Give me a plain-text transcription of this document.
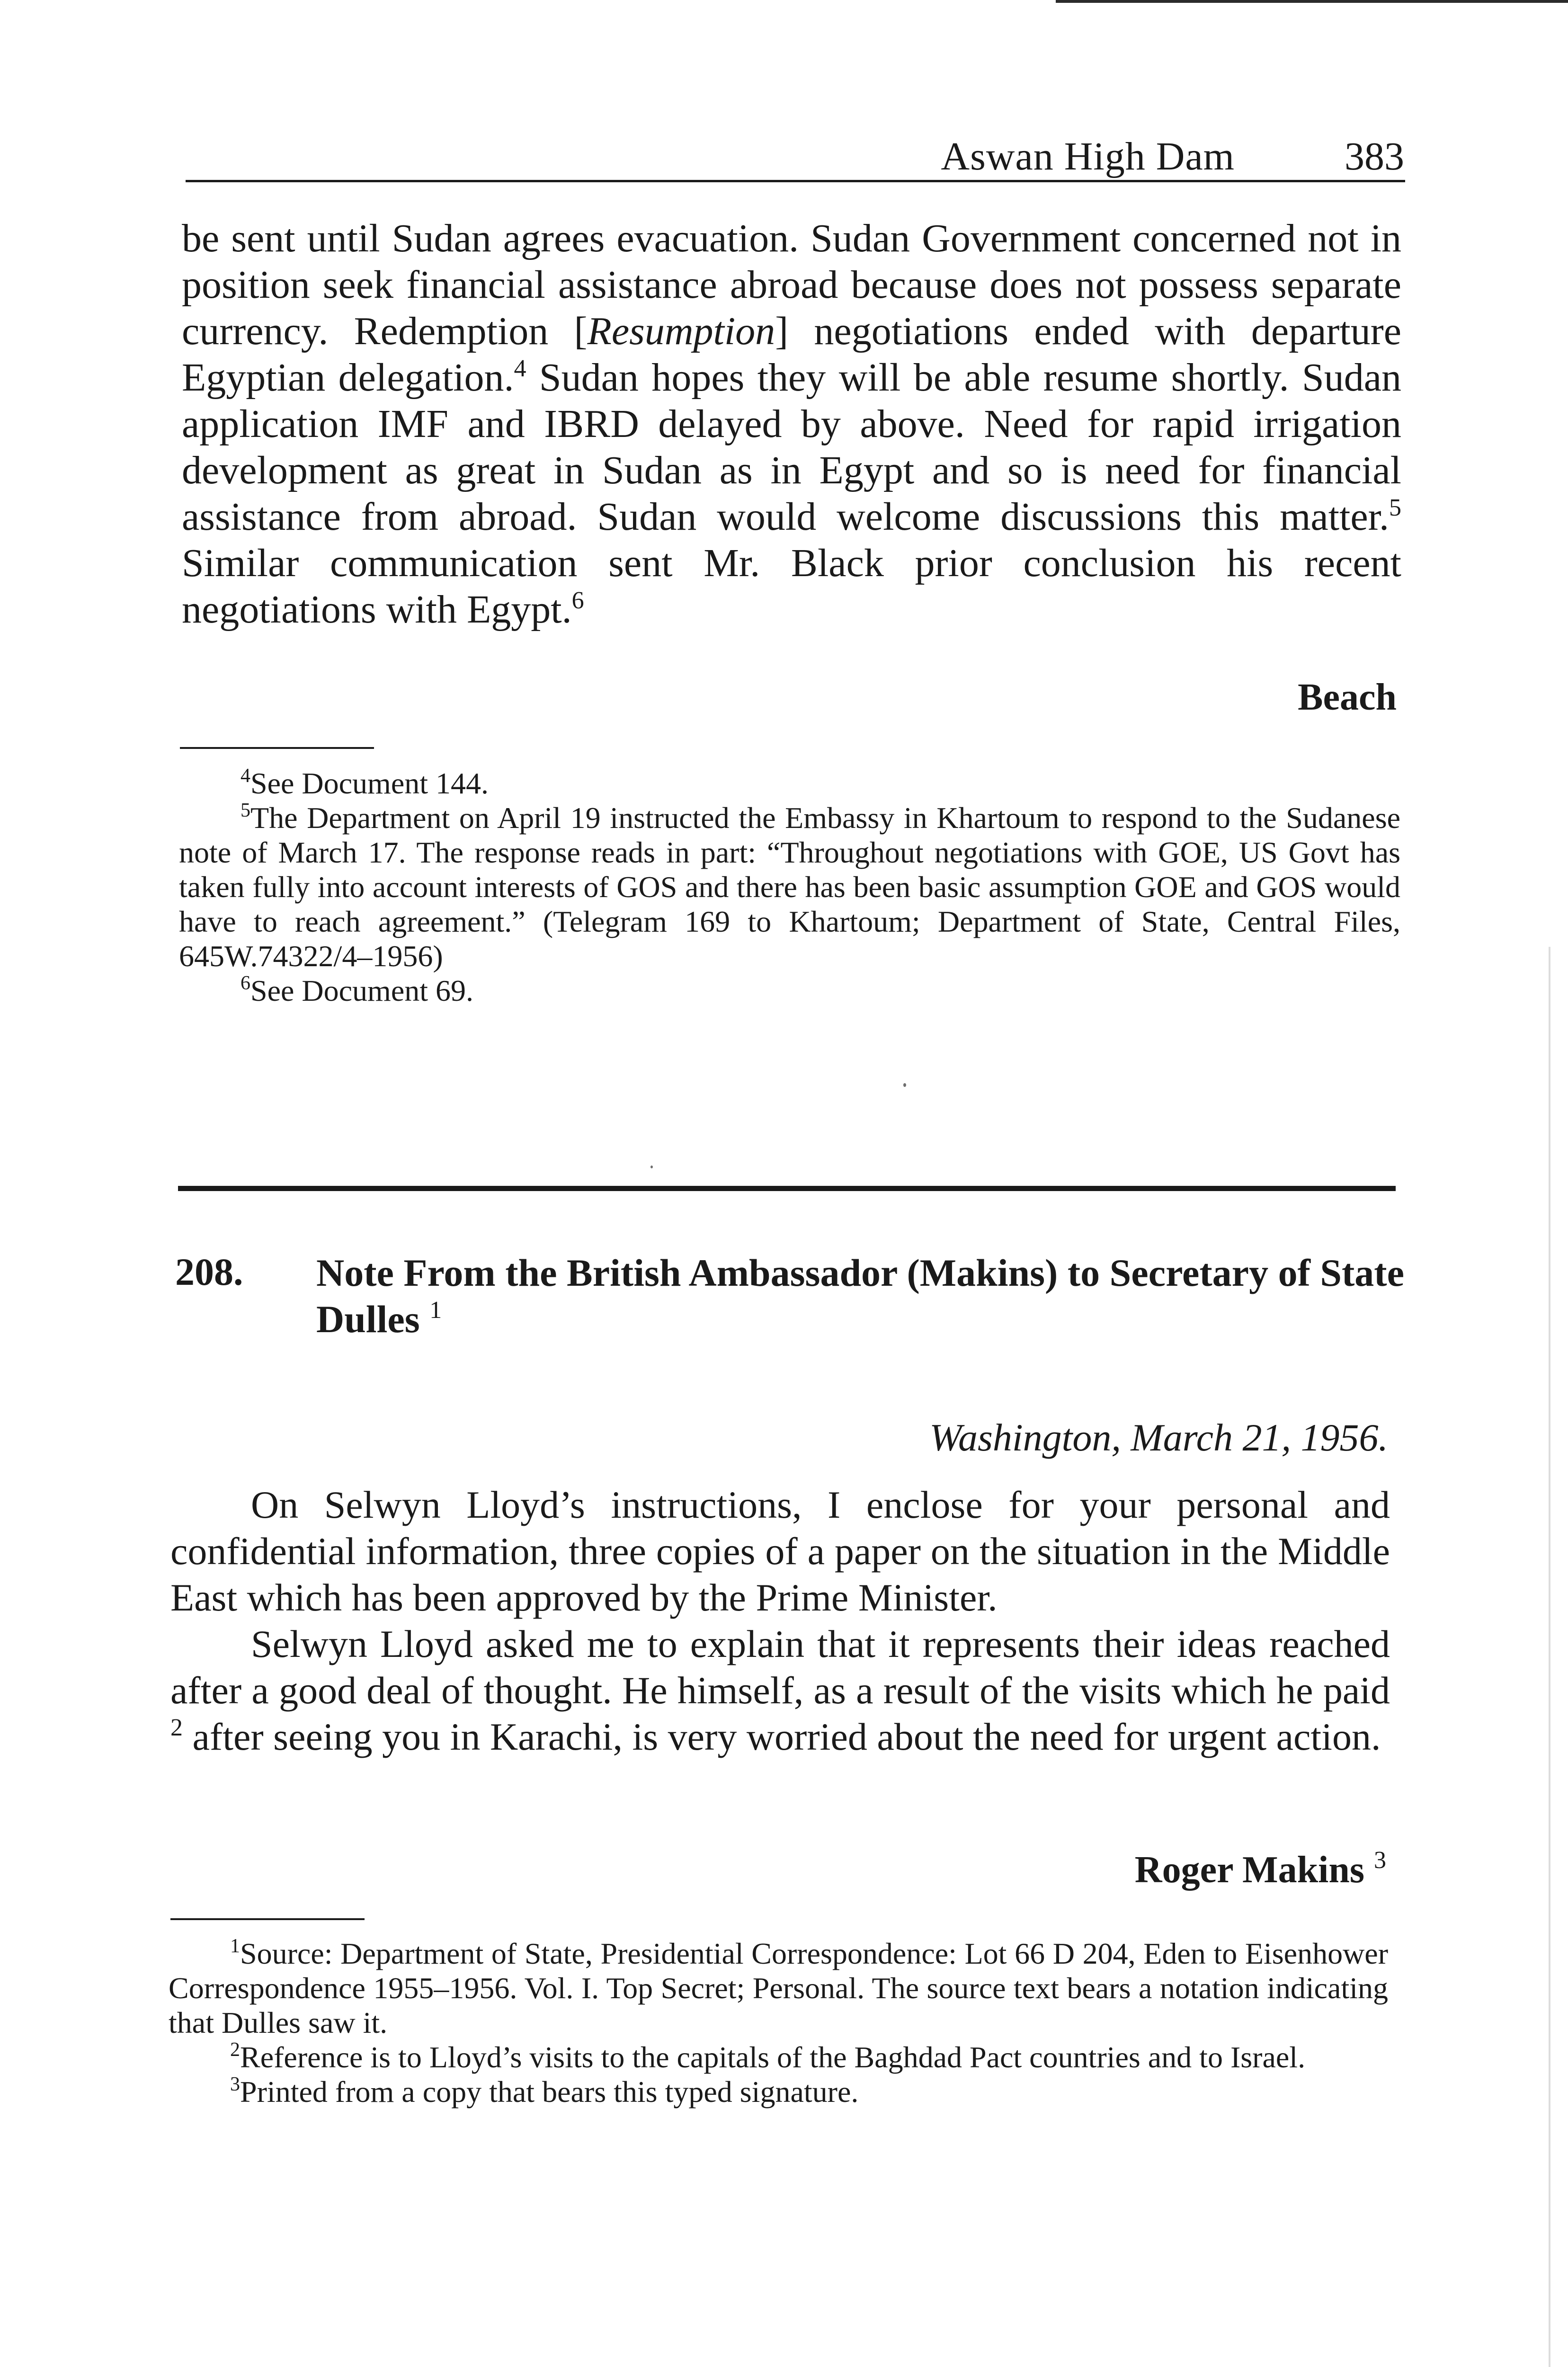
Aswan High Dam	383

be sent until Sudan agrees evacuation. Sudan Government concerned not in position seek financial assistance abroad because does not possess separate currency. Redemption [Resumption] negotiations ended with departure Egyptian delegation.$^4$ Sudan hopes they will be able resume shortly. Sudan application IMF and IBRD delayed by above. Need for rapid irrigation development as great in Sudan as in Egypt and so is need for financial assistance from abroad. Sudan would welcome discussions this matter.$^5$ Similar communication sent Mr. Black prior conclusion his recent negotiations with Egypt.$^6$

Beach

$^4$See Document 144.

$^5$The Department on April 19 instructed the Embassy in Khartoum to respond to the Sudanese note of March 17. The response reads in part: “Throughout negotiations with GOE, US Govt has taken fully into account interests of GOS and there has been basic assumption GOE and GOS would have to reach agreement.” (Telegram 169 to Khartoum; Department of State, Central Files, 645W.74322/4–1956)

$^6$See Document 69.

208. Note From the British Ambassador (Makins) to Secretary of State Dulles $^1$
Washington, March 21, 1956.

On Selwyn Lloyd’s instructions, I enclose for your personal and confidential information, three copies of a paper on the situation in the Middle East which has been approved by the Prime Minister.

Selwyn Lloyd asked me to explain that it represents their ideas reached after a good deal of thought. He himself, as a result of the visits which he paid $^2$ after seeing you in Karachi, is very worried about the need for urgent action.

Roger Makins $^3$

$^1$Source: Department of State, Presidential Correspondence: Lot 66 D 204, Eden to Eisenhower Correspondence 1955–1956. Vol. I. Top Secret; Personal. The source text bears a notation indicating that Dulles saw it.

$^2$Reference is to Lloyd’s visits to the capitals of the Baghdad Pact countries and to Israel.

$^3$Printed from a copy that bears this typed signature.
